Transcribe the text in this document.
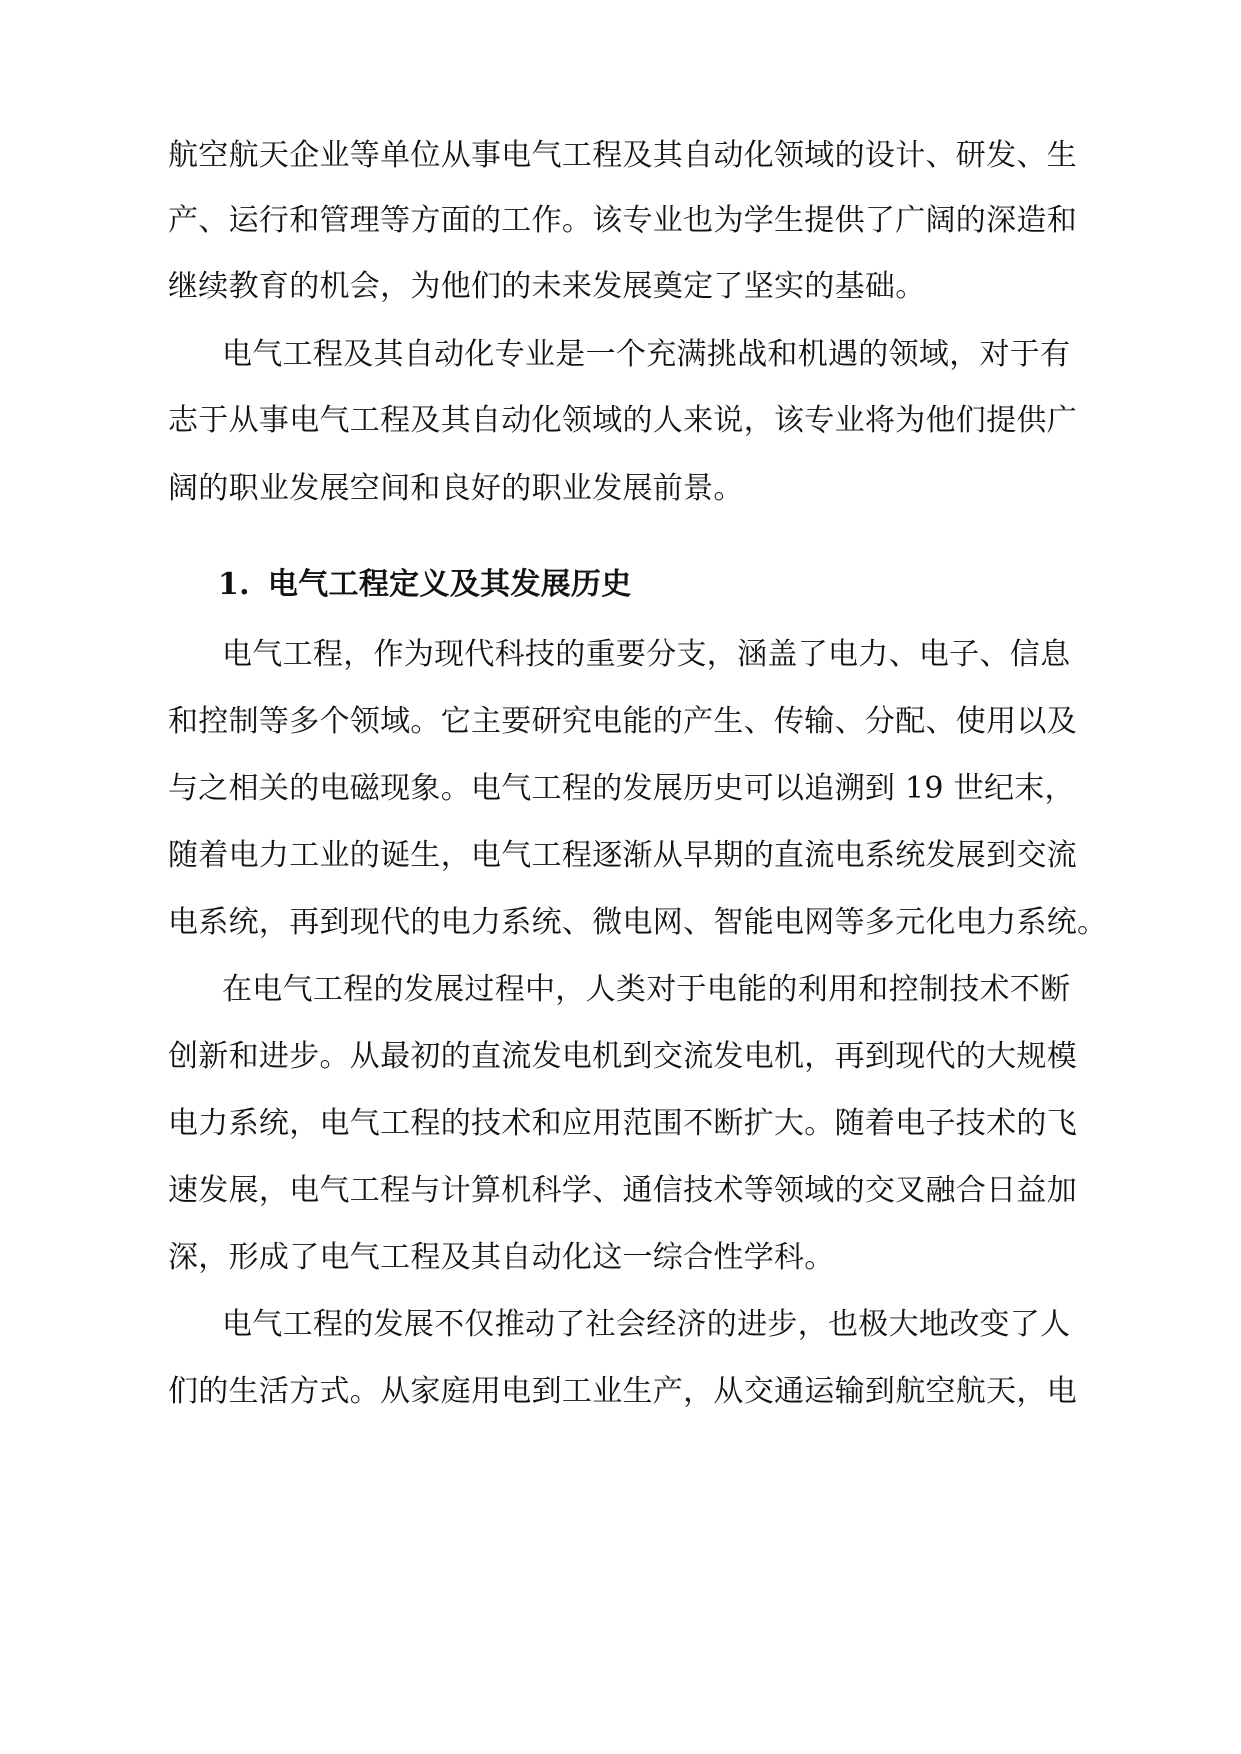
航空航天企业等单位从事电气工程及其自动化领域的设计、研发、生
产、运行和管理等方面的工作。该专业也为学生提供了广阔的深造和
继续教育的机会，为他们的未来发展奠定了坚实的基础。
电气工程及其自动化专业是一个充满挑战和机遇的领域，对于有
志于从事电气工程及其自动化领域的人来说，该专业将为他们提供广
阔的职业发展空间和良好的职业发展前景。
1. 电气工程定义及其发展历史
电气工程，作为现代科技的重要分支，涵盖了电力、电子、信息
和控制等多个领域。它主要研究电能的产生、传输、分配、使用以及
与之相关的电磁现象。电气工程的发展历史可以追溯到 19 世纪末，
随着电力工业的诞生，电气工程逐渐从早期的直流电系统发展到交流
电系统，再到现代的电力系统、微电网、智能电网等多元化电力系统。
在电气工程的发展过程中，人类对于电能的利用和控制技术不断
创新和进步。从最初的直流发电机到交流发电机，再到现代的大规模
电力系统，电气工程的技术和应用范围不断扩大。随着电子技术的飞
速发展，电气工程与计算机科学、通信技术等领域的交叉融合日益加
深，形成了电气工程及其自动化这一综合性学科。
电气工程的发展不仅推动了社会经济的进步，也极大地改变了人
们的生活方式。从家庭用电到工业生产，从交通运输到航空航天，电
